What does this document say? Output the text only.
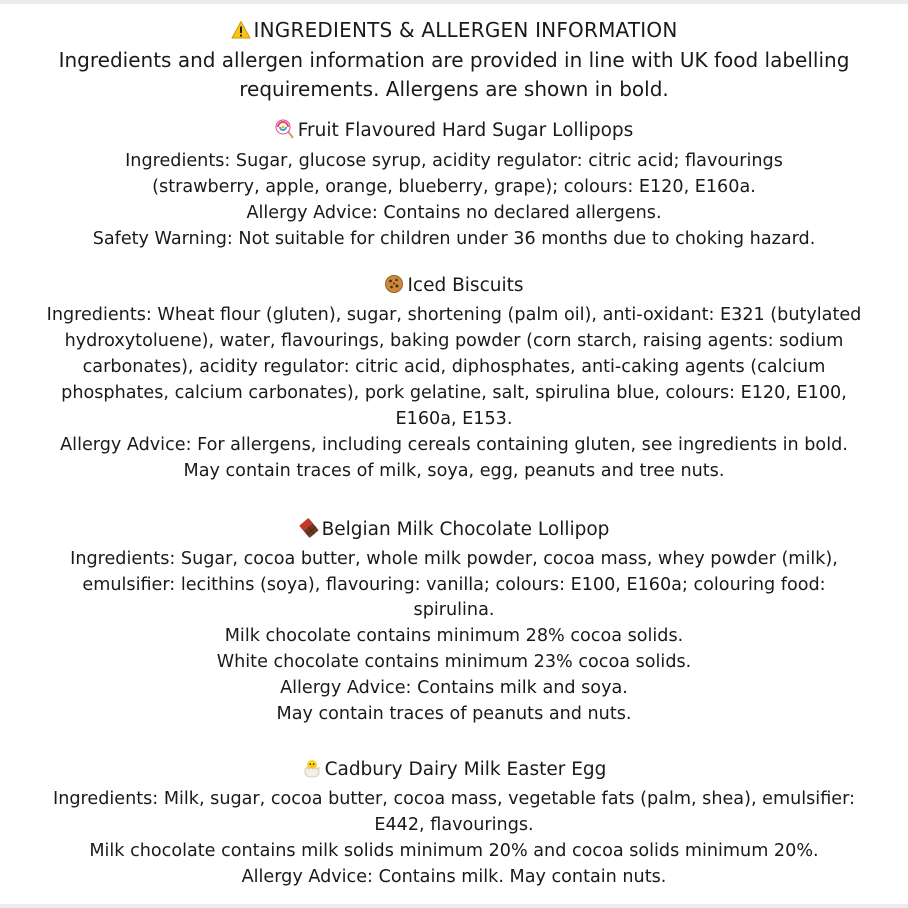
INGREDIENTS & ALLERGEN INFORMATION
Ingredients and allergen information are provided in line with UK food labelling
requirements. Allergens are shown in bold.
Fruit Flavoured Hard Sugar Lollipops
Ingredients: Sugar, glucose syrup, acidity regulator: citric acid; flavourings
(strawberry, apple, orange, blueberry, grape); colours: E120, E160a.
Allergy Advice: Contains no declared allergens.
Safety Warning: Not suitable for children under 36 months due to choking hazard.
Iced Biscuits
Ingredients: Wheat flour (gluten), sugar, shortening (palm oil), anti-oxidant: E321 (butylated
hydroxytoluene), water, flavourings, baking powder (corn starch, raising agents: sodium
carbonates), acidity regulator: citric acid, diphosphates, anti-caking agents (calcium
phosphates, calcium carbonates), pork gelatine, salt, spirulina blue, colours: E120, E100,
E160a, E153.
Allergy Advice: For allergens, including cereals containing gluten, see ingredients in bold.
May contain traces of milk, soya, egg, peanuts and tree nuts.
Belgian Milk Chocolate Lollipop
Ingredients: Sugar, cocoa butter, whole milk powder, cocoa mass, whey powder (milk),
emulsifier: lecithins (soya), flavouring: vanilla; colours: E100, E160a; colouring food:
spirulina.
Milk chocolate contains minimum 28% cocoa solids.
White chocolate contains minimum 23% cocoa solids.
Allergy Advice: Contains milk and soya.
May contain traces of peanuts and nuts.
Cadbury Dairy Milk Easter Egg
Ingredients: Milk, sugar, cocoa butter, cocoa mass, vegetable fats (palm, shea), emulsifier:
E442, flavourings.
Milk chocolate contains milk solids minimum 20% and cocoa solids minimum 20%.
Allergy Advice: Contains milk. May contain nuts.
